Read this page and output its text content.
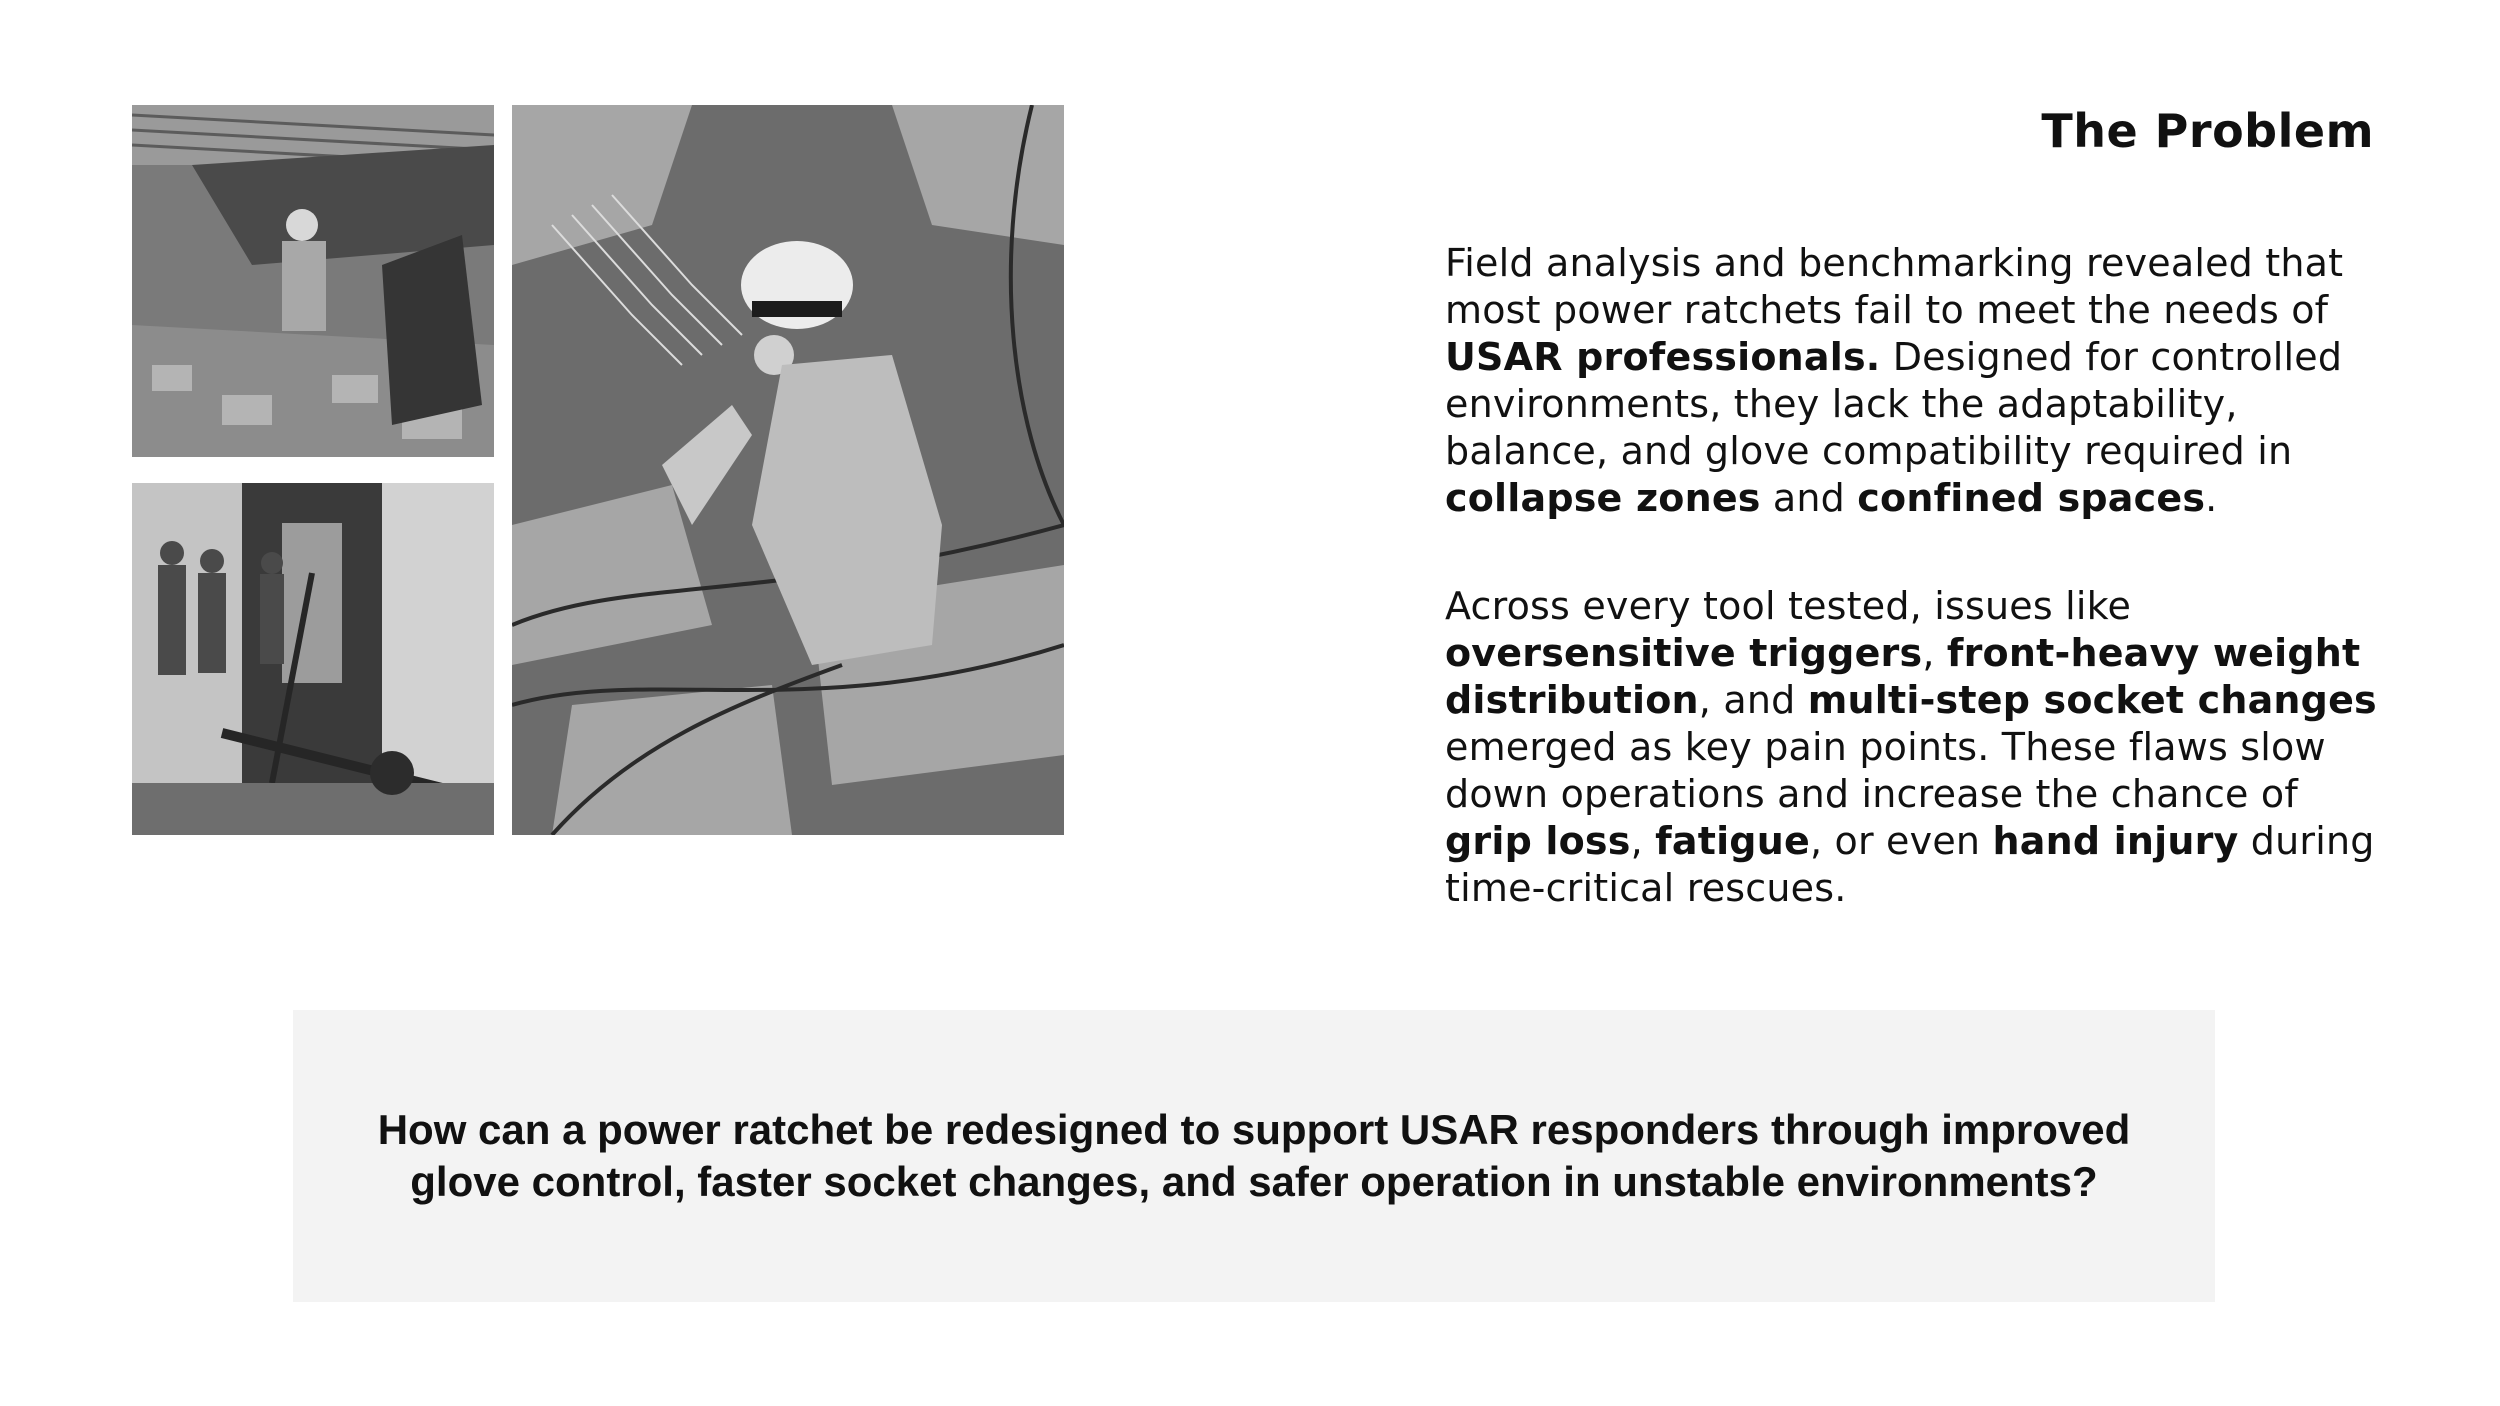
The Problem

Field analysis and benchmarking revealed that
most power ratchets fail to meet the needs of
USAR professionals. Designed for controlled
environments, they lack the adaptability,
balance, and glove compatibility required in
collapse zones and confined spaces.

Across every tool tested, issues like
oversensitive triggers, front-heavy weight
distribution, and multi-step socket changes
emerged as key pain points. These flaws slow
down operations and increase the chance of
grip loss, fatigue, or even hand injury during
time-critical rescues.

How can a power ratchet be redesigned to support USAR responders through improved
glove control, faster socket changes, and safer operation in unstable environments?
